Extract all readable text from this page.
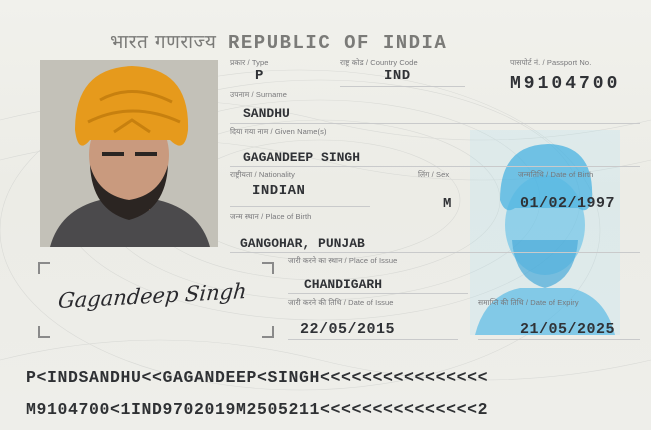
भारत गणराज्य REPUBLIC OF INDIA
प्रकार / Type
P
राष्ट्र कोड / Country Code
IND
पासपोर्ट नं. / Passport No.
M9104700
उपनाम / Surname
SANDHU
दिया गया नाम / Given Name(s)
GAGANDEEP SINGH
राष्ट्रीयता / Nationality
INDIAN
लिंग / Sex
M
जन्मतिथि / Date of Birth
01/02/1997
जन्म स्थान / Place of Birth
GANGOHAR, PUNJAB
जारी करने का स्थान / Place of Issue
CHANDIGARH
जारी करने की तिथि / Date of Issue
22/05/2015
समाप्ति की तिथि / Date of Expiry
21/05/2025
Gagandeep Singh
P<INDSANDHU<<GAGANDEEP<SINGH<<<<<<<<<<<<<<<<
M9104700<1IND9702019M2505211<<<<<<<<<<<<<<<2
